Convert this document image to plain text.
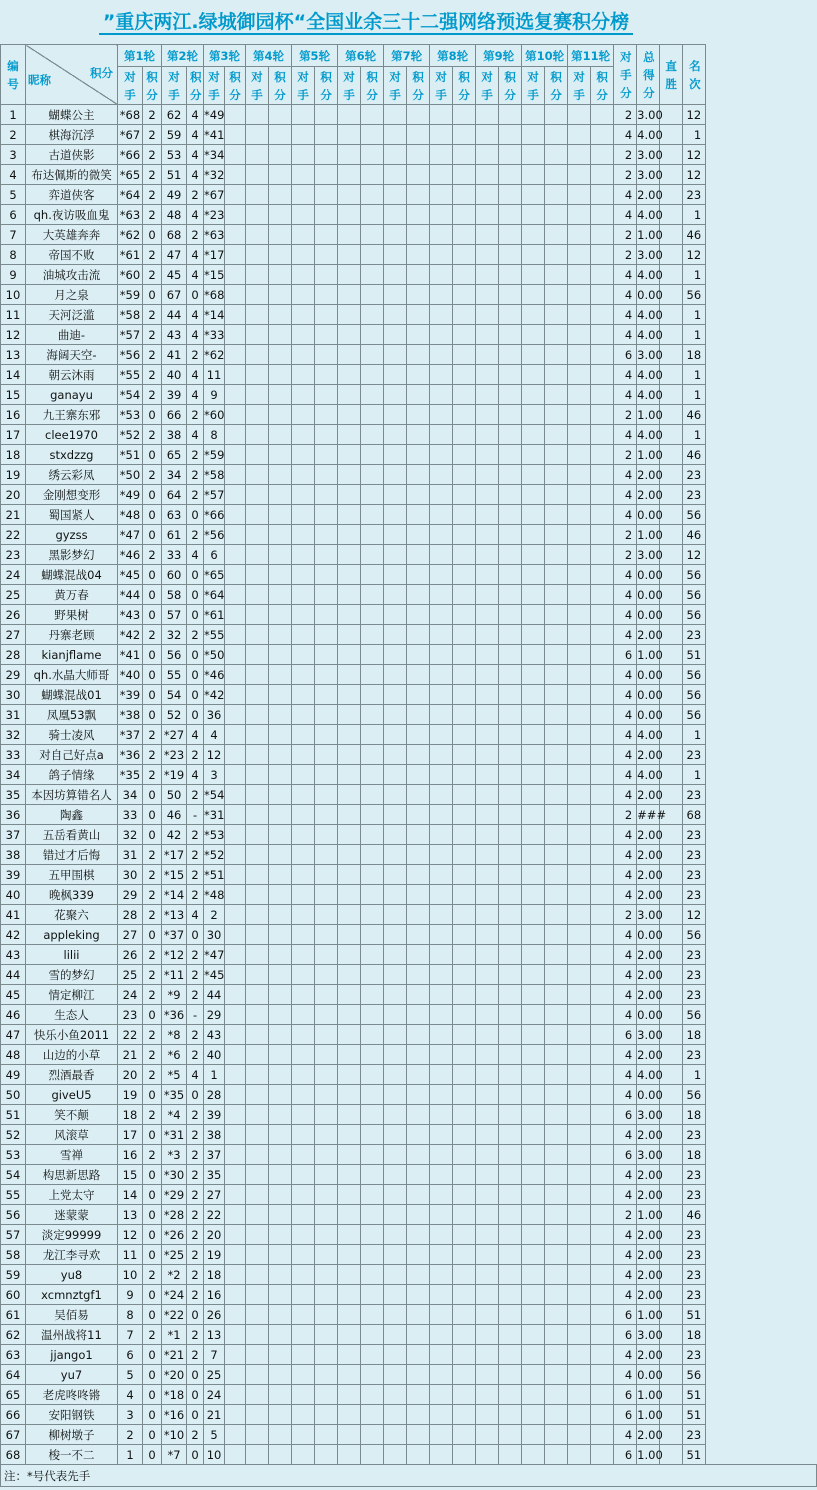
”重庆两江.绿城御园杯“全国业余三十二强网络预选复赛积分榜
编号	昵称 积分	第1轮		第2轮		第3轮		第4轮		第5轮		第6轮		第7轮		第8轮		第9轮		第10轮		第11轮		对手分	总得分	直胜	名次
		对手	积分	对手	积分	对手	积分	对手	积分	对手	积分	对手	积分	对手	积分	对手	积分	对手	积分	对手	积分	对手	积分				
1	蝴蝶公主	*68	2	62	4	*49																		2	3.00		12
2	棋海沉浮	*67	2	59	4	*41																		4	4.00		1
3	古道侠影	*66	2	53	4	*34																		2	3.00		12
4	布达佩斯的微笑	*65	2	51	4	*32																		2	3.00		12
5	弈道侠客	*64	2	49	2	*67																		4	2.00		23
6	qh.夜访吸血鬼	*63	2	48	4	*23																		4	4.00		1
7	大英雄奔奔	*62	0	68	2	*63																		2	1.00		46
8	帝国不败	*61	2	47	4	*17																		2	3.00		12
9	油城攻击流	*60	2	45	4	*15																		4	4.00		1
10	月之泉	*59	0	67	0	*68																		4	0.00		56
11	天河泛滥	*58	2	44	4	*14																		4	4.00		1
12	曲迪-	*57	2	43	4	*33																		4	4.00		1
13	海阔天空-	*56	2	41	2	*62																		6	3.00		18
14	朝云沐雨	*55	2	40	4	11																		4	4.00		1
15	ganayu	*54	2	39	4	9																		4	4.00		1
16	九王寨东邪	*53	0	66	2	*60																		2	1.00		46
17	clee1970	*52	2	38	4	8																		4	4.00		1
18	stxdzzg	*51	0	65	2	*59																		2	1.00		46
19	绣云彩凤	*50	2	34	2	*58																		4	2.00		23
20	金刚想变形	*49	0	64	2	*57																		4	2.00		23
21	蜀国紧人	*48	0	63	0	*66																		4	0.00		56
22	gyzss	*47	0	61	2	*56																		2	1.00		46
23	黑影梦幻	*46	2	33	4	6																		2	3.00		12
24	蝴蝶混战04	*45	0	60	0	*65																		4	0.00		56
25	黄万春	*44	0	58	0	*64																		4	0.00		56
26	野果树	*43	0	57	0	*61																		4	0.00		56
27	丹寨老顾	*42	2	32	2	*55																		4	2.00		23
28	kianjflame	*41	0	56	0	*50																		6	1.00		51
29	qh.水晶大师哥	*40	0	55	0	*46																		4	0.00		56
30	蝴蝶混战01	*39	0	54	0	*42																		4	0.00		56
31	凤凰53飘	*38	0	52	0	36																		4	0.00		56
32	骑士凌风	*37	2	*27	4	4																		4	4.00		1
33	对自己好点a	*36	2	*23	2	12																		4	2.00		23
34	鸽子情缘	*35	2	*19	4	3																		4	4.00		1
35	本因坊算错名人	34	0	50	2	*54																		4	2.00		23
36	陶鑫	33	0	46	-	*31																		2	###		68
37	五岳看黄山	32	0	42	2	*53																		4	2.00		23
38	错过才后悔	31	2	*17	2	*52																		4	2.00		23
39	五甲围棋	30	2	*15	2	*51																		4	2.00		23
40	晚枫339	29	2	*14	2	*48																		4	2.00		23
41	花聚六	28	2	*13	4	2																		2	3.00		12
42	appleking	27	0	*37	0	30																		4	0.00		56
43	lilii	26	2	*12	2	*47																		4	2.00		23
44	雪的梦幻	25	2	*11	2	*45																		4	2.00		23
45	情定柳江	24	2	*9	2	44																		4	2.00		23
46	生态人	23	0	*36	-	29																		4	0.00		56
47	快乐小鱼2011	22	2	*8	2	43																		6	3.00		18
48	山边的小草	21	2	*6	2	40																		4	2.00		23
49	烈酒最香	20	2	*5	4	1																		4	4.00		1
50	giveU5	19	0	*35	0	28																		4	0.00		56
51	笑不颠	18	2	*4	2	39																		6	3.00		18
52	风滚草	17	0	*31	2	38																		4	2.00		23
53	雪禅	16	2	*3	2	37																		6	3.00		18
54	构思新思路	15	0	*30	2	35																		4	2.00		23
55	上党太守	14	0	*29	2	27																		4	2.00		23
56	迷蒙蒙	13	0	*28	2	22																		2	1.00		46
57	淡定99999	12	0	*26	2	20																		4	2.00		23
58	龙江李寻欢	11	0	*25	2	19																		4	2.00		23
59	yu8	10	2	*2	2	18																		4	2.00		23
60	xcmnztgf1	9	0	*24	2	16																		4	2.00		23
61	吴佰易	8	0	*22	0	26																		6	1.00		51
62	温州战将11	7	2	*1	2	13																		6	3.00		18
63	jjango1	6	0	*21	2	7																		4	2.00		23
64	yu7	5	0	*20	0	25																		4	0.00		56
65	老虎咚咚锵	4	0	*18	0	24																		6	1.00		51
66	安阳钢铁	3	0	*16	0	21																		6	1.00		51
67	柳树墩子	2	0	*10	2	5																		4	2.00		23
68	梭一不二	1	0	*7	0	10																		6	1.00		51
注：*号代表先手																											
